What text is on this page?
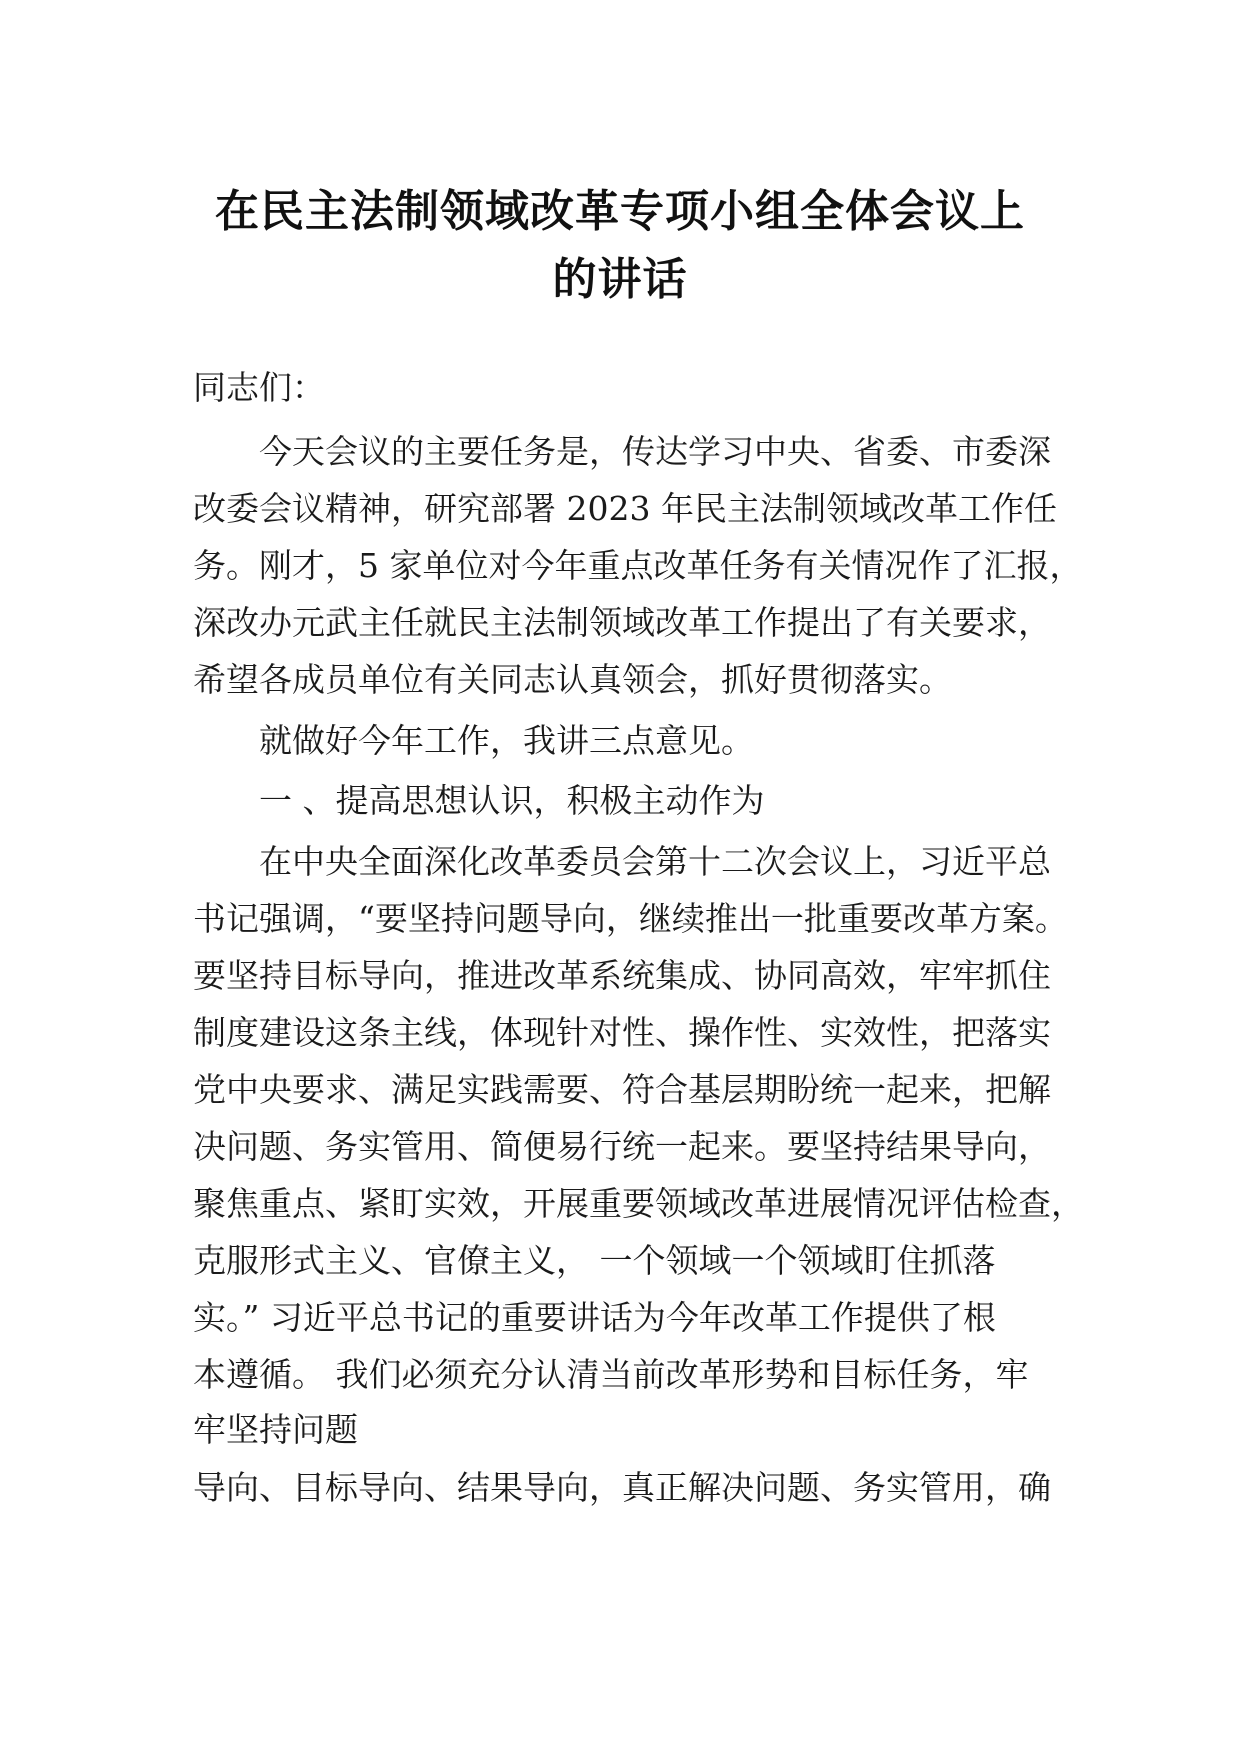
在民主法制领域改革专项小组全体会议上
的讲话
同志们：
今天会议的主要任务是，传达学习中央、省委、市委深
改委会议精神，研究部署 2023 年民主法制领域改革工作任
务。刚才，5 家单位对今年重点改革任务有关情况作了汇报，
深改办元武主任就民主法制领域改革工作提出了有关要求，
希望各成员单位有关同志认真领会，抓好贯彻落实。
就做好今年工作，我讲三点意见。
一 、提高思想认识，积极主动作为
在中央全面深化改革委员会第十二次会议上，习近平总
书记强调，“要坚持问题导向，继续推出一批重要改革方案。
要坚持目标导向，推进改革系统集成、协同高效，牢牢抓住
制度建设这条主线，体现针对性、操作性、实效性，把落实
党中央要求、满足实践需要、符合基层期盼统一起来，把解
决问题、务实管用、简便易行统一起来。要坚持结果导向，
聚焦重点、紧盯实效，开展重要领域改革进展情况评估检查，
克服形式主义、官僚主义， 一个领域一个领域盯住抓落
实。” 习近平总书记的重要讲话为今年改革工作提供了根
本遵循。 我们必须充分认清当前改革形势和目标任务，牢
牢坚持问题
导向、目标导向、结果导向，真正解决问题、务实管用，确
